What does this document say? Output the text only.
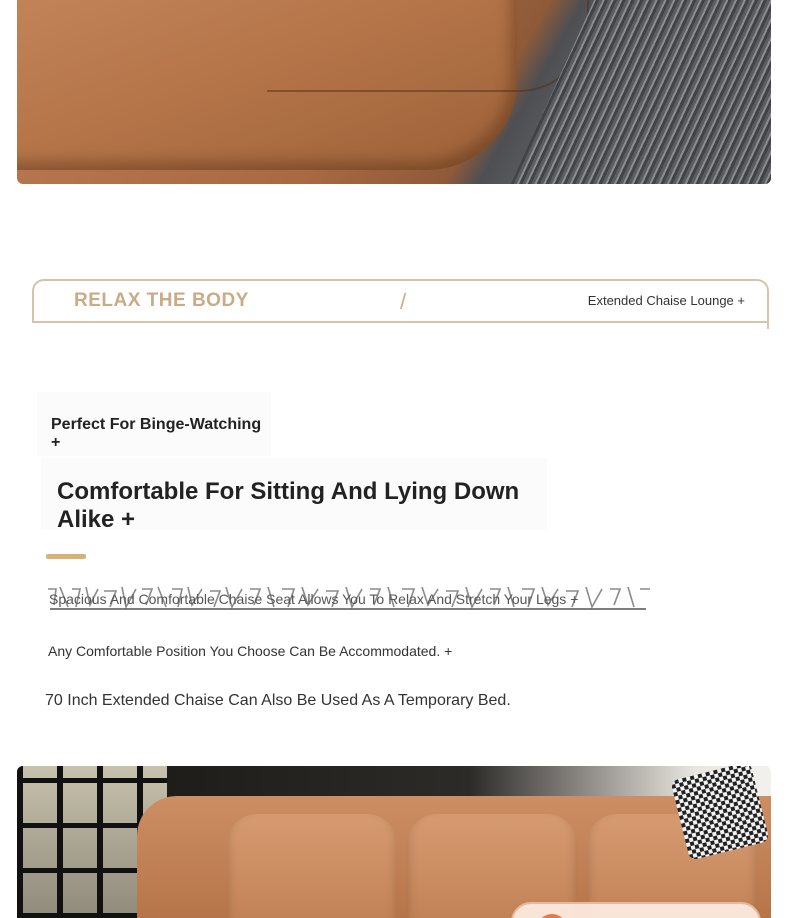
RELAX THE BODY	/	Extended Chaise Lounge +
Perfect For Binge-Watching +
Comfortable For Sitting And Lying Down Alike +
Spacious And Comfortable Chaise Seat Allows You To Relax And Stretch Your Legs +
Any Comfortable Position You Choose Can Be Accommodated. +
70 Inch Extended Chaise Can Also Be Used As A Temporary Bed.
